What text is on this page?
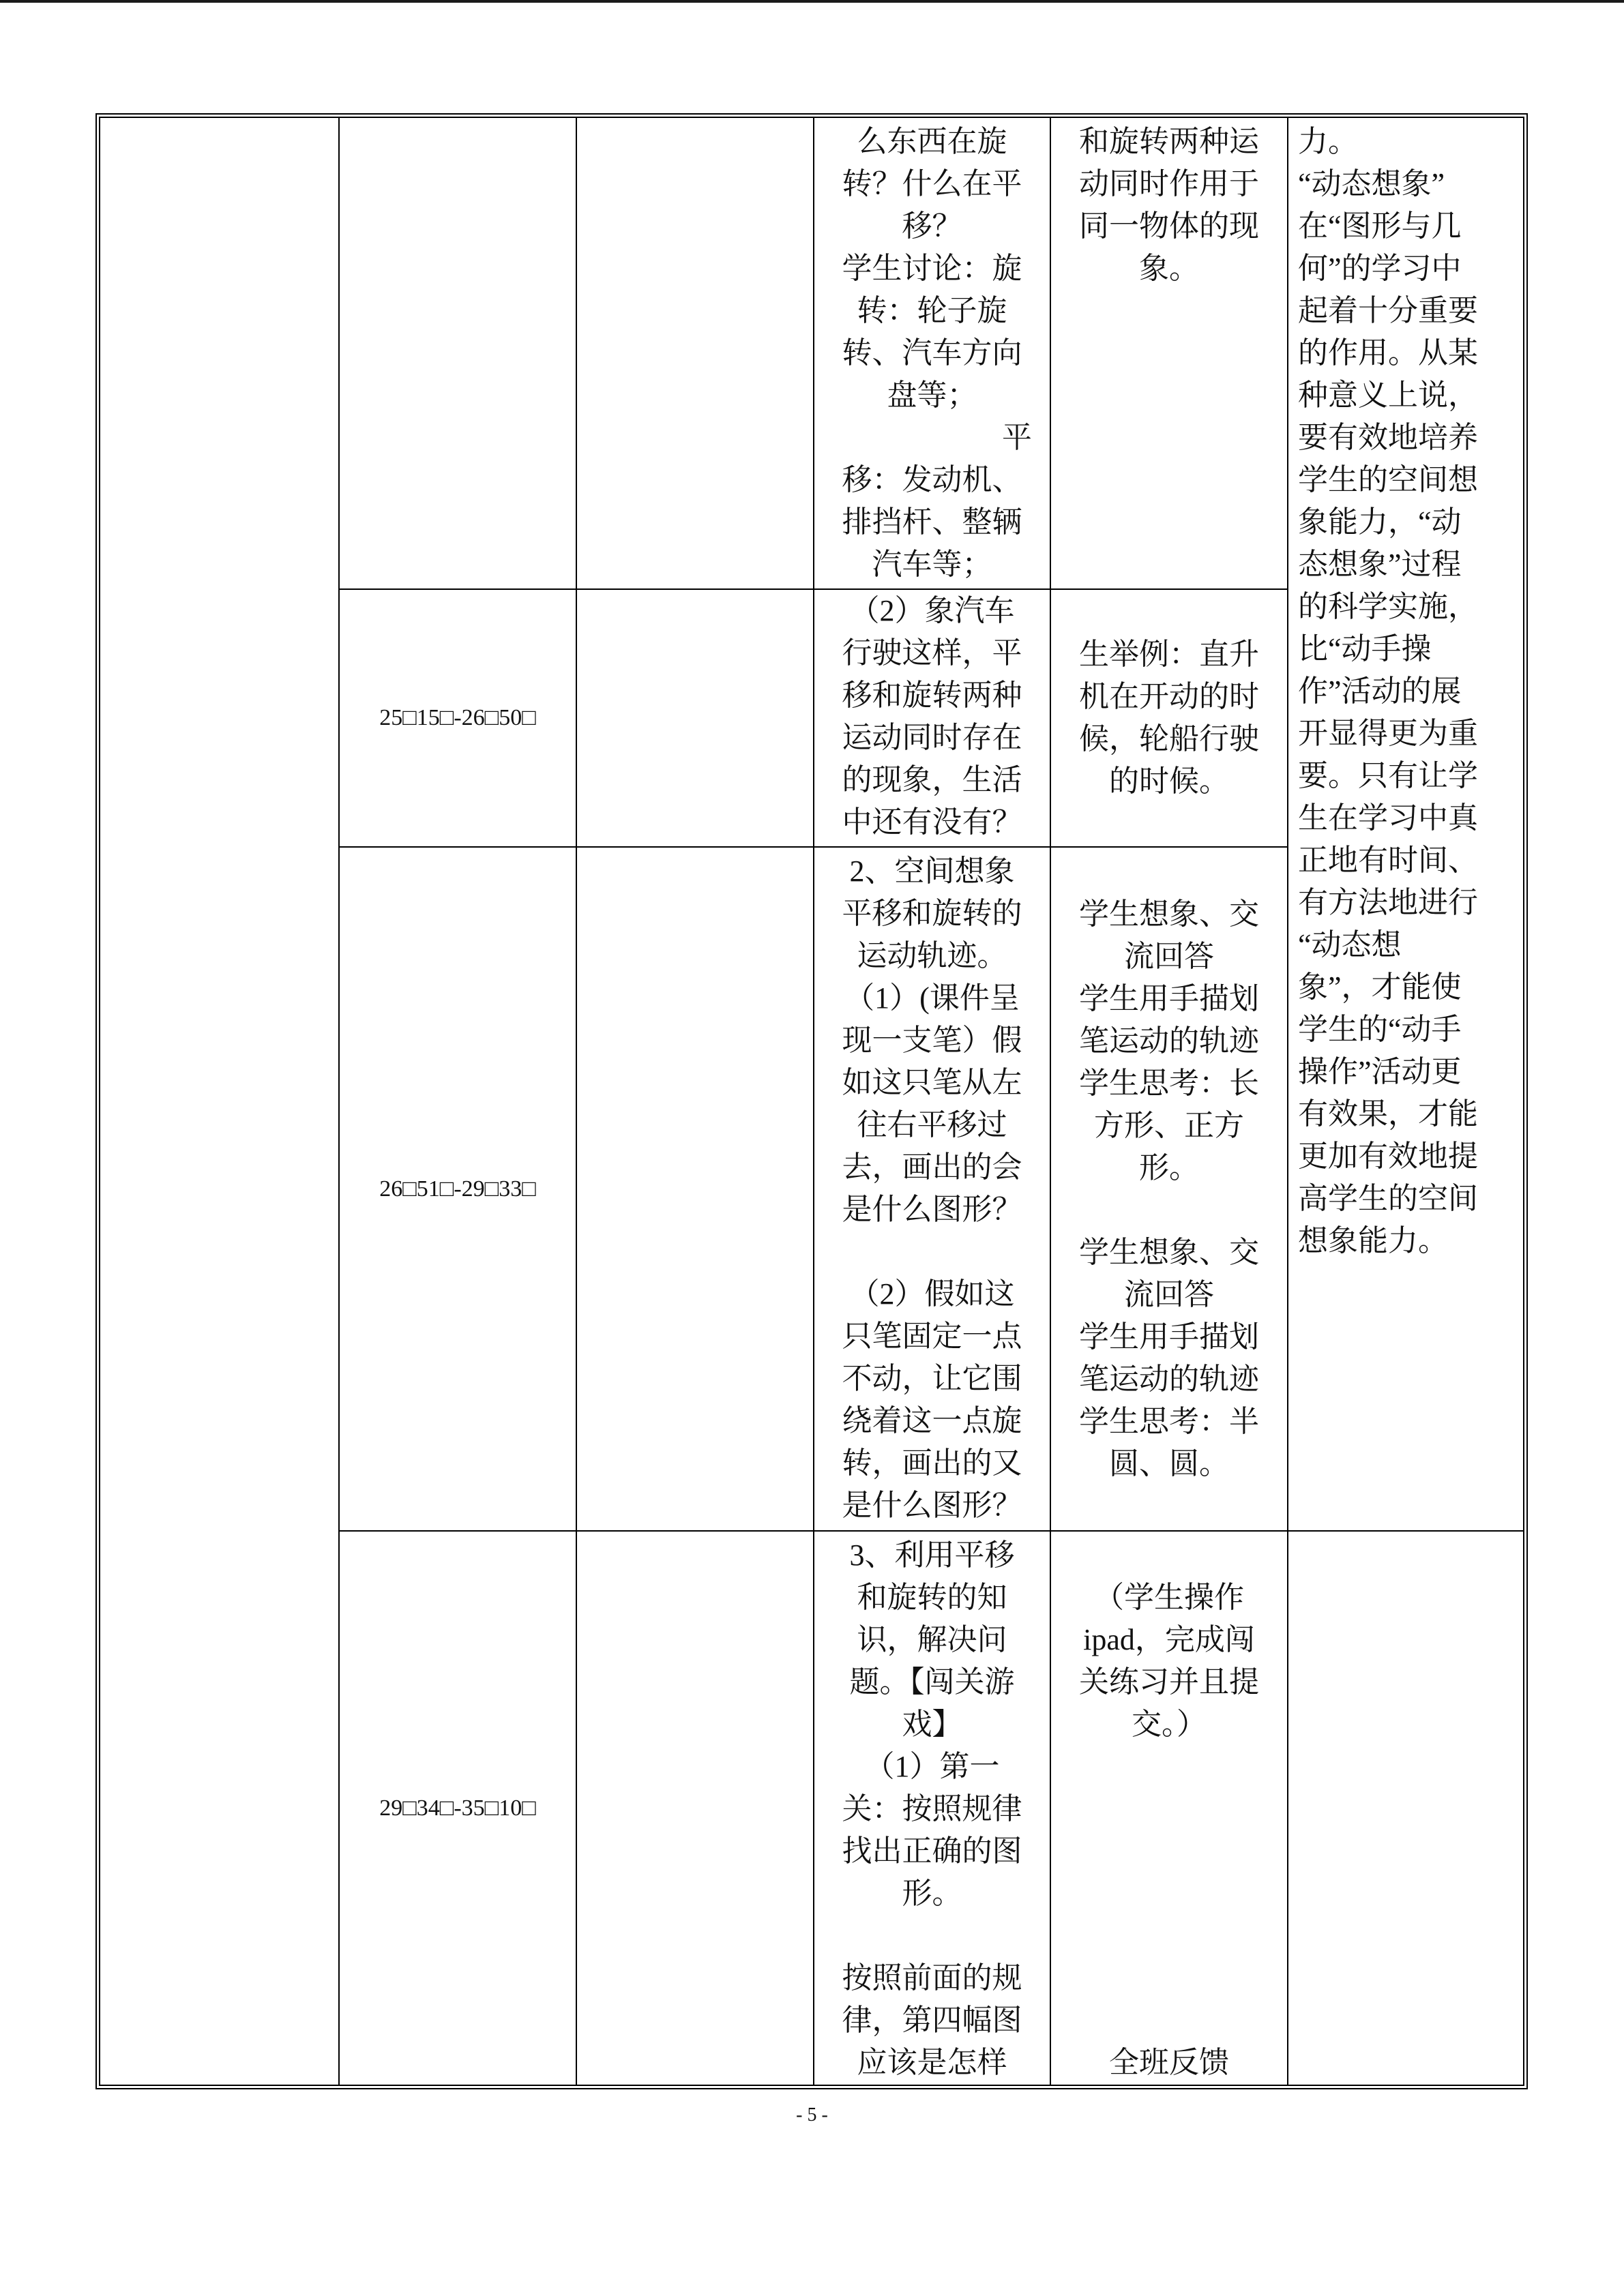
么东西在旋
转？什么在平
移？
学生讨论：旋
转：轮子旋
转、汽车方向
盘等；
平
移：发动机、
排挡杆、整辆
汽车等；
和旋转两种运
动同时作用于
同一物体的现
象。
力。
“动态想象”
在“图形与几
何”的学习中
起着十分重要
的作用。从某
种意义上说，
要有效地培养
学生的空间想
象能力，“动
态想象”过程
的科学实施，
比“动手操
作”活动的展
开显得更为重
要。只有让学
生在学习中真
正地有时间、
有方法地进行
“动态想
象”，才能使
学生的“动手
操作”活动更
有效果，才能
更加有效地提
高学生的空间
想象能力。
25□15□-26□50□
（2）象汽车
行驶这样，平
移和旋转两种
运动同时存在
的现象，生活
中还有没有？
生举例：直升
机在开动的时
候，轮船行驶
的时候。
26□51□-29□33□
2、空间想象
平移和旋转的
运动轨迹。
（1）(课件呈
现一支笔）假
如这只笔从左
往右平移过
去，画出的会
是什么图形？
（2）假如这
只笔固定一点
不动，让它围
绕着这一点旋
转，画出的又
是什么图形？
学生想象、交
流回答
学生用手描划
笔运动的轨迹
学生思考：长
方形、正方
形。
学生想象、交
流回答
学生用手描划
笔运动的轨迹
学生思考：半
圆、圆。
29□34□-35□10□
3、利用平移
和旋转的知
识，解决问
题。【闯关游
戏】
（1）第一
关：按照规律
找出正确的图
形。
按照前面的规
律，第四幅图
应该是怎样
（学生操作
ipad，完成闯
关练习并且提
交。）
全班反馈
- 5 -
